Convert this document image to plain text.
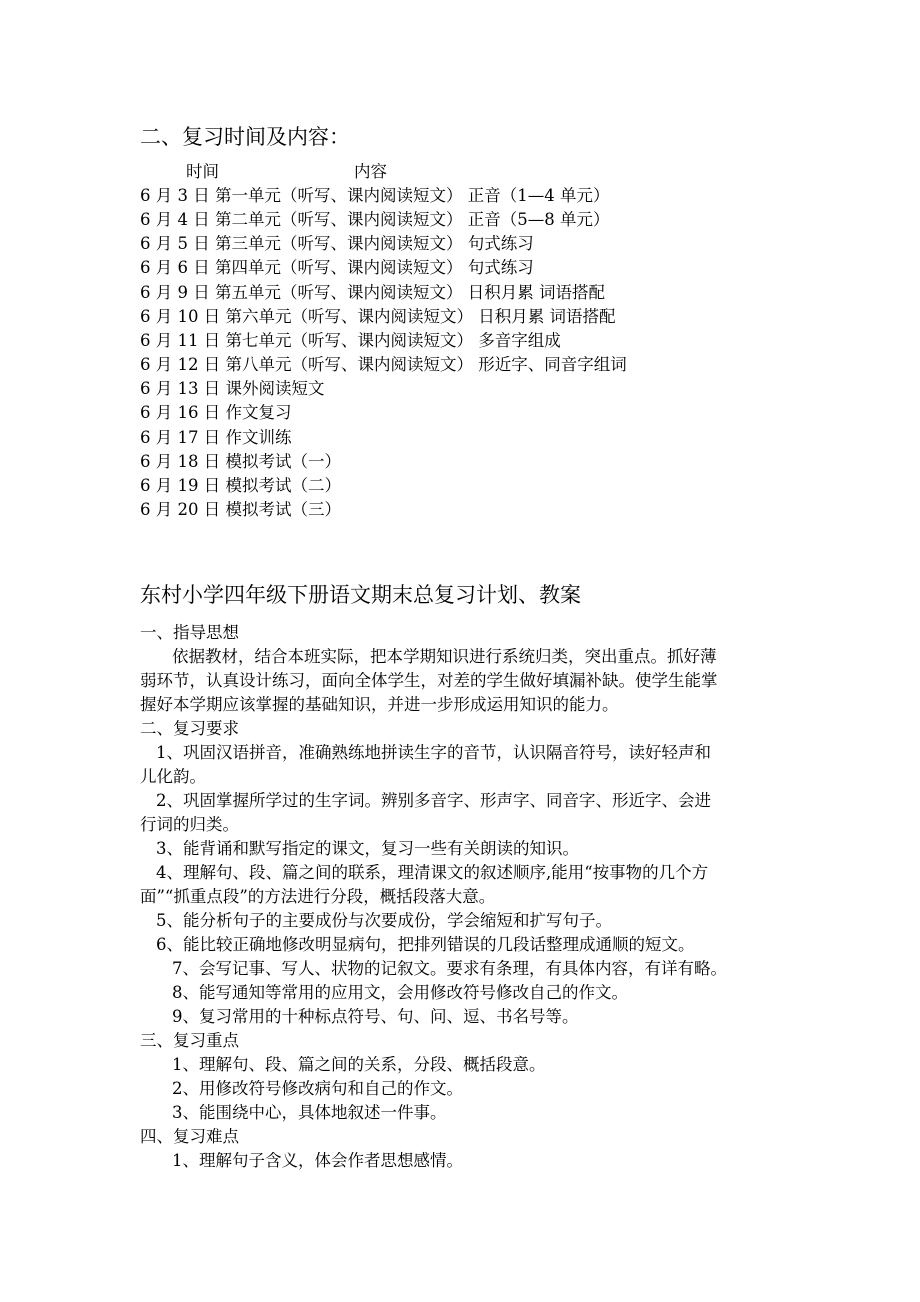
二、复习时间及内容：
时间	内容
6 月 3 日 第一单元（听写、课内阅读短文） 正音（1—4 单元）
6 月 4 日 第二单元（听写、课内阅读短文） 正音（5—8 单元）
6 月 5 日 第三单元（听写、课内阅读短文） 句式练习
6 月 6 日 第四单元（听写、课内阅读短文） 句式练习
6 月 9 日 第五单元（听写、课内阅读短文） 日积月累 词语搭配
6 月 10 日 第六单元（听写、课内阅读短文） 日积月累 词语搭配
6 月 11 日 第七单元（听写、课内阅读短文） 多音字组成
6 月 12 日 第八单元（听写、课内阅读短文） 形近字、同音字组词
6 月 13 日 课外阅读短文
6 月 16 日 作文复习
6 月 17 日 作文训练
6 月 18 日 模拟考试（一）
6 月 19 日 模拟考试（二）
6 月 20 日 模拟考试（三）
东村小学四年级下册语文期末总复习计划、教案
一、指导思想
依据教材，结合本班实际，把本学期知识进行系统归类，突出重点。抓好薄
弱环节，认真设计练习，面向全体学生，对差的学生做好填漏补缺。使学生能掌
握好本学期应该掌握的基础知识，并进一步形成运用知识的能力。
二、复习要求
1、巩固汉语拼音，准确熟练地拼读生字的音节，认识隔音符号，读好轻声和
儿化韵。
2、巩固掌握所学过的生字词。辨别多音字、形声字、同音字、形近字、会进
行词的归类。
3、能背诵和默写指定的课文，复习一些有关朗读的知识。
4、理解句、段、篇之间的联系，理清课文的叙述顺序,能用“按事物的几个方
面”“抓重点段”的方法进行分段，概括段落大意。
5、能分析句子的主要成份与次要成份，学会缩短和扩写句子。
6、能比较正确地修改明显病句，把排列错误的几段话整理成通顺的短文。
7、会写记事、写人、状物的记叙文。要求有条理，有具体内容，有详有略。
8、能写通知等常用的应用文，会用修改符号修改自己的作文。
9、复习常用的十种标点符号、句、问、逗、书名号等。
三、复习重点
1、理解句、段、篇之间的关系，分段、概括段意。
2、用修改符号修改病句和自己的作文。
3、能围绕中心，具体地叙述一件事。
四、复习难点
1、理解句子含义，体会作者思想感情。
